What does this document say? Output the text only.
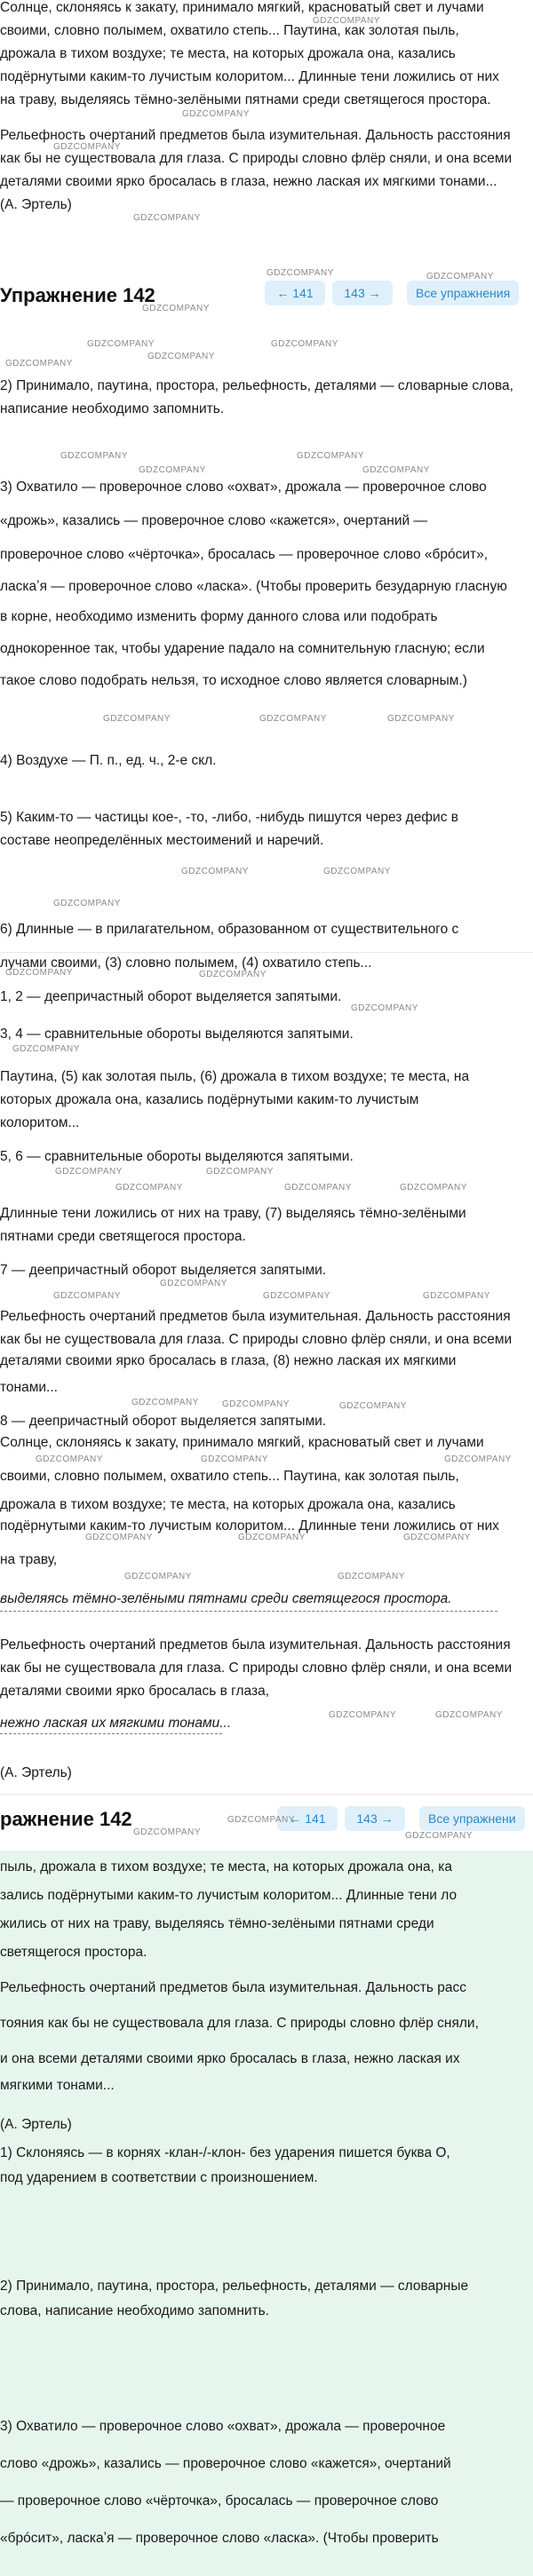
Солнце, склоняясь к закату, принимало мягкий, красноватый свет и лучами
своими, словно полымем, охватило степь... Паутина, как золотая пыль,
дрожала в тихом воздухе; те места, на которых дрожала она, казались
подёрнутыми каким-то лучистым колоритом... Длинные тени ложились от них
на траву, выделяясь тёмно-зелёными пятнами среди светящегося простора.
Рельефность очертаний предметов была изумительная. Дальность расстояния
как бы не существовала для глаза. С природы словно флёр сняли, и она всеми
деталями своими ярко бросалась в глаза, нежно лаская их мягкими тонами...
(А. Эртель)
GDZCOMPANY
GDZCOMPANY
GDZCOMPANY
GDZCOMPANY
Упражнение 142	← 141	143 →	Все упражнения
GDZCOMPANY	GDZCOMPANY
GDZCOMPANY
2) Принимало, паутина, простора, рельефность, деталями — словарные слова,
написание необходимо запомнить.
3) Охватило — проверочное слово «охват», дрожала — проверочное слово
«дрожь», казались — проверочное слово «кажется», очертаний —
проверочное слово «чёрточка», бросалась — проверочное слово «брócит»,
ласкаʼя — проверочное слово «ласка». (Чтобы проверить безударную гласную
в корне, необходимо изменить форму данного слова или подобрать
однокоренное так, чтобы ударение падало на сомнительную гласную; если
такое слово подобрать нельзя, то исходное слово является словарным.)
4) Воздухе — П. п., ед. ч., 2-е скл.
5) Каким-то — частицы кое-, -то, -либо, -нибудь пишутся через дефис в
составе неопределённых местоимений и наречий.
6) Длинные — в прилагательном, образованном от существительного с
GDZCOMPANY	GDZCOMPANY
GDZCOMPANY
GDZCOMPANY
GDZCOMPANY	GDZCOMPANY
GDZCOMPANY	GDZCOMPANY
GDZCOMPANY	GDZCOMPANY	GDZCOMPANY
GDZCOMPANY	GDZCOMPANY
GDZCOMPANY
лучами своими, (3) словно полымем, (4) охватило степь...
1, 2 — деепричастный оборот выделяется запятыми.
3, 4 — сравнительные обороты выделяются запятыми.
Паутина, (5) как золотая пыль, (6) дрожала в тихом воздухе; те места, на
которых дрожала она, казались подёрнутыми каким-то лучистым
колоритом...
5, 6 — сравнительные обороты выделяются запятыми.
Длинные тени ложились от них на траву, (7) выделяясь тёмно-зелёными
пятнами среди светящегося простора.
7 — деепричастный оборот выделяется запятыми.
Рельефность очертаний предметов была изумительная. Дальность расстояния
как бы не существовала для глаза. С природы словно флёр сняли, и она всеми
деталями своими ярко бросалась в глаза, (8) нежно лаская их мягкими
GDZCOMPANY	GDZCOMPANY
GDZCOMPANY
GDZCOMPANY
GDZCOMPANY	GDZCOMPANY
GDZCOMPANY	GDZCOMPANY	GDZCOMPANY
GDZCOMPANY
GDZCOMPANY	GDZCOMPANY	GDZCOMPANY
тонами...
8 — деепричастный оборот выделяется запятыми.
Солнце, склоняясь к закату, принимало мягкий, красноватый свет и лучами
своими, словно полымем, охватило степь... Паутина, как золотая пыль,
дрожала в тихом воздухе; те места, на которых дрожала она, казались
подёрнутыми каким-то лучистым колоритом... Длинные тени ложились от них
на траву,
выделяясь тёмно-зелёными пятнами среди светящегося простора.
Рельефность очертаний предметов была изумительная. Дальность расстояния
как бы не существовала для глаза. С природы словно флёр сняли, и она всеми
деталями своими ярко бросалась в глаза,
нежно лаская их мягкими тонами...
GDZCOMPANY	GDZCOMPANY	GDZCOMPANY
GDZCOMPANY	GDZCOMPANY	GDZCOMPANY
GDZCOMPANY	GDZCOMPANY	GDZCOMPANY
GDZCOMPANY	GDZCOMPANY
GDZCOMPANY	GDZCOMPANY
(А. Эртель)
ражнение 142	← 141	143 →	Все упражнени
GDZCOMPANY
GDZCOMPANY
GDZCOMPANY
пыль, дрожала в тихом воздухе; те места, на которых дрожала она, ка
зались подёрнутыми каким-то лучистым колоритом... Длинные тени ло
жились от них на траву, выделяясь тёмно-зелёными пятнами среди
светящегося простора.
Рельефность очертаний предметов была изумительная. Дальность расс
тояния как бы не существовала для глаза. С природы словно флёр сняли,
и она всеми деталями своими ярко бросалась в глаза, нежно лаская их
мягкими тонами...
(А. Эртель)
1) Склоняясь — в корнях -клан-/-клон- без ударения пишется буква О,
под ударением в соответствии с произношением.
2) Принимало, паутина, простора, рельефность, деталями — словарные
слова, написание необходимо запомнить.
3) Охватило — проверочное слово «охват», дрожала — проверочное
слово «дрожь», казались — проверочное слово «кажется», очертаний
— проверочное слово «чёрточка», бросалась — проверочное слово
«брócит», ласкаʼя — проверочное слово «ласка». (Чтобы проверить
